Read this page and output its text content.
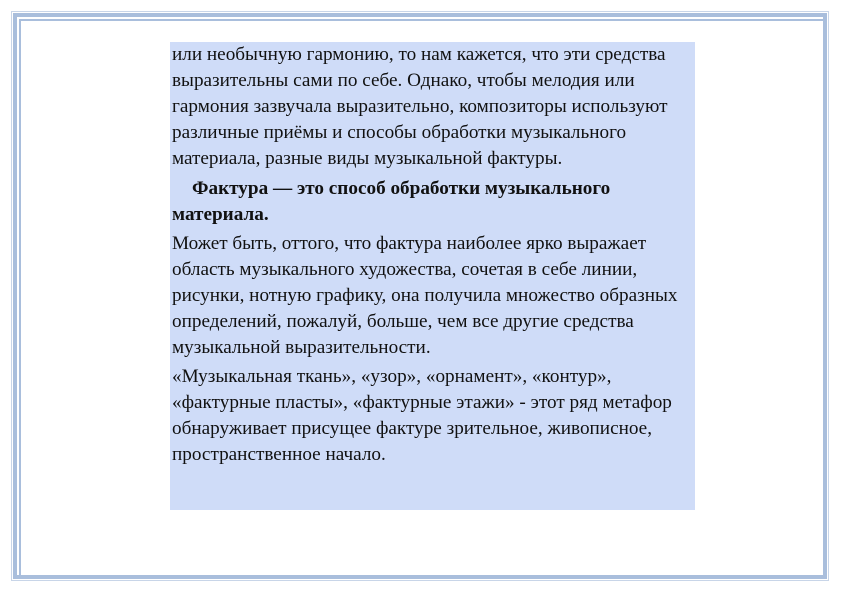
или необычную гармонию, то нам кажется, что эти средства выразительны сами по себе. Однако, чтобы мелодия или гармония зазвучала выразительно, композиторы используют различные приёмы и способы обработки музыкального материала, разные виды музыкальной фактуры.

Фактура — это способ обработки музыкального материала.

Может быть, оттого, что фактура наиболее ярко выражает область музыкального художества, сочетая в себе линии, рисунки, нотную графику, она получила множество образных определений, пожалуй, больше, чем все другие средства музыкальной выразительности.

«Музыкальная ткань», «узор», «орнамент», «контур», «фактурные пласты», «фактурные этажи» - этот ряд метафор обнаруживает присущее фактуре зрительное, живописное, пространственное начало.
